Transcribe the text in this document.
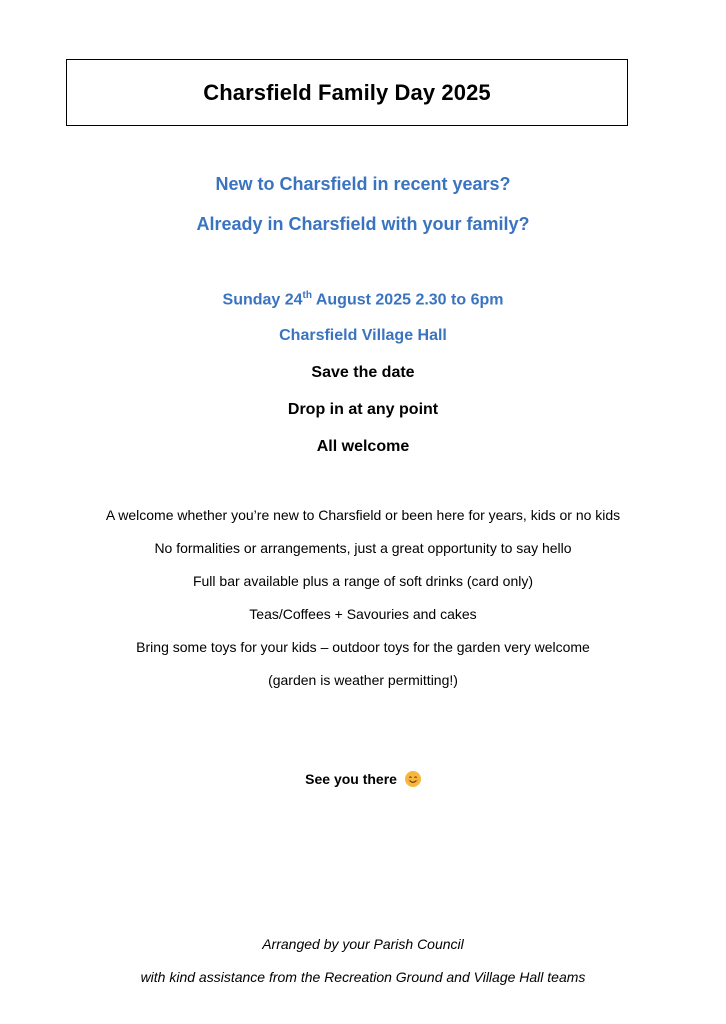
Charsfield Family Day 2025
New to Charsfield in recent years?
Already in Charsfield with your family?
Sunday 24th August 2025 2.30 to 6pm
Charsfield Village Hall
Save the date
Drop in at any point
All welcome
A welcome whether you’re new to Charsfield or been here for years, kids or no kids
No formalities or arrangements, just a great opportunity to say hello
Full bar available plus a range of soft drinks (card only)
Teas/Coffees + Savouries and cakes
Bring some toys for your kids – outdoor toys for the garden very welcome
(garden is weather permitting!)
See you there
Arranged by your Parish Council
with kind assistance from the Recreation Ground and Village Hall teams
